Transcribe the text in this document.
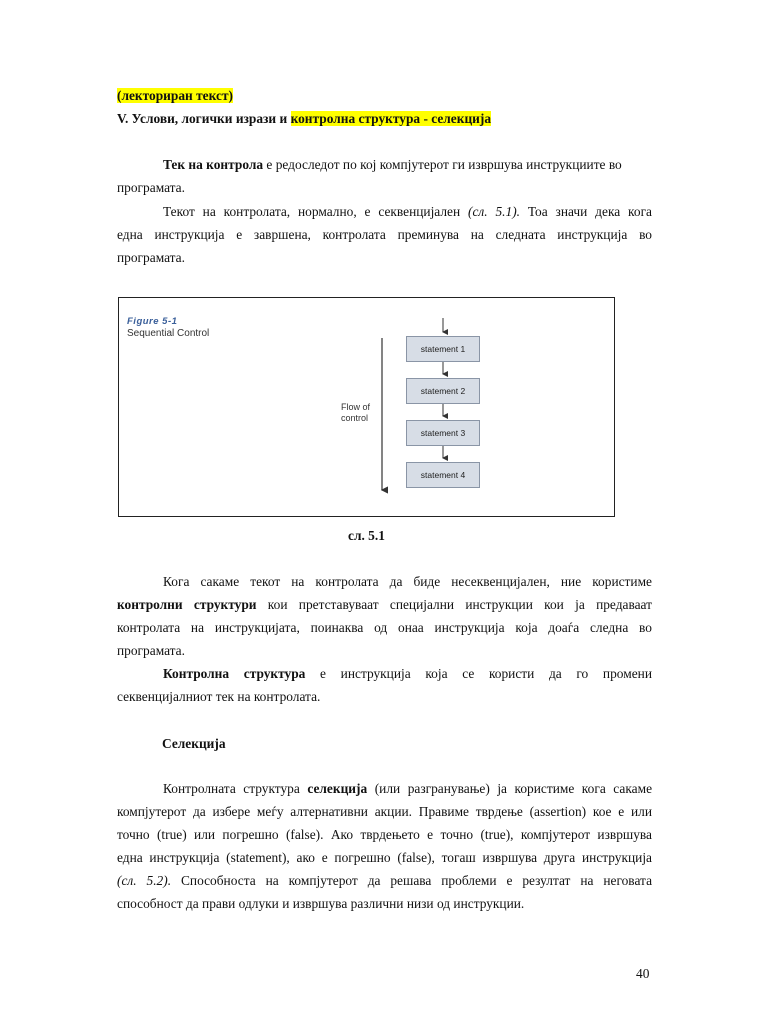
(лекториран текст)
V. Услови, логички изрази и контролна структура - селекција
Тек на контрола е редоследот по кој компјутерот ги извршува инструкциите во
програмата.
Текот на контролата, нормално, е секвенцијален (сл. 5.1). Тоа значи дека кога
една инструкција е завршена, контролата преминува на следната инструкција во
програмата.
Figure 5-1
Sequential Control
Flow of
control
statement 1
statement 2
statement 3
statement 4
сл. 5.1
Кога сакаме текот на контролата да биде несеквенцијален, ние користиме
контролни структури кои претставуваат специјални инструкции кои ја предаваат
контролата на инструкцијата, поинаква од онаа инструкција која доаѓа следна во
програмата.
Контролна структура е инструкција која се користи да го промени
секвенцијалниот тек на контролата.
Селекција
Контролната структура селекција (или разгранување) ја користиме кога сакаме
компјутерот да избере меѓу алтернативни акции. Правиме тврдење (assertion) кое е или
точно (true) или погрешно (false). Ако тврдењето е точно (true), компјутерот извршува
една инструкција (statement), ако е погрешно (false), тогаш извршува друга инструкција
(сл. 5.2). Способноста на компјутерот да решава проблеми е резултат на неговата
способност да прави одлуки и извршува различни низи од инструкции.
40
